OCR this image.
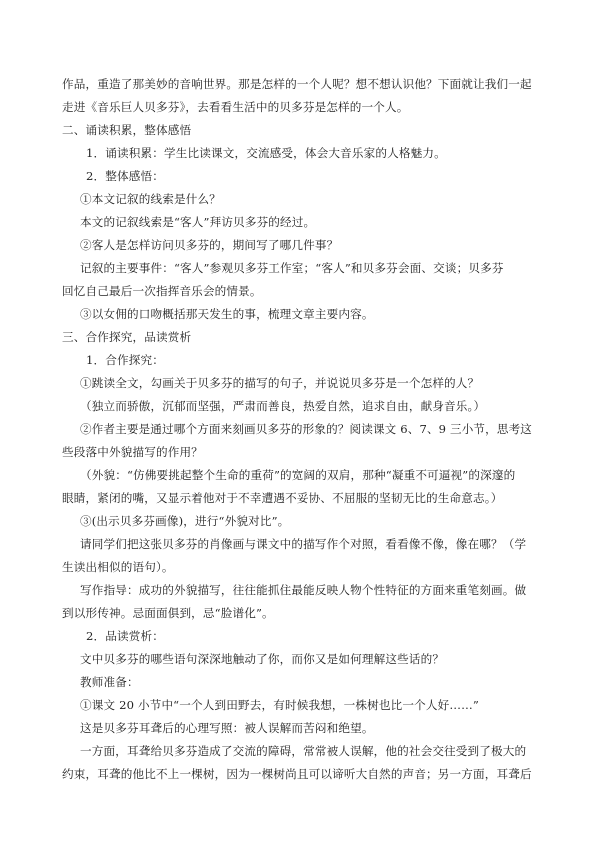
作品，重造了那美妙的音响世界。那是怎样的一个人呢？想不想认识他？下面就让我们一起
走进《音乐巨人贝多芬》，去看看生活中的贝多芬是怎样的一个人。
二、诵读积累，整体感悟
1．诵读积累：学生比读课文，交流感受，体会大音乐家的人格魅力。
2．整体感悟：
①本文记叙的线索是什么？
本文的记叙线索是“客人”拜访贝多芬的经过。
②客人是怎样访问贝多芬的，期间写了哪几件事？
记叙的主要事件：“客人”参观贝多芬工作室；“客人”和贝多芬会面、交谈；贝多芬
回忆自己最后一次指挥音乐会的情景。
③以女佣的口吻概括那天发生的事，梳理文章主要内容。
三、合作探究，品读赏析
1．合作探究：
①跳读全文，勾画关于贝多芬的描写的句子，并说说贝多芬是一个怎样的人？
（独立而骄傲，沉郁而坚强，严肃而善良，热爱自然，追求自由，献身音乐。）
②作者主要是通过哪个方面来刻画贝多芬的形象的？阅读课文 6、7、9 三小节，思考这
些段落中外貌描写的作用？
（外貌：“仿佛要挑起整个生命的重荷”的宽阔的双肩，那种“凝重不可逼视”的深邃的
眼睛，紧闭的嘴，又显示着他对于不幸遭遇不妥协、不屈服的坚韧无比的生命意志。）
③(出示贝多芬画像)，进行“外貌对比”。
请同学们把这张贝多芬的肖像画与课文中的描写作个对照，看看像不像，像在哪？（学
生读出相似的语句）。
写作指导：成功的外貌描写，往往能抓住最能反映人物个性特征的方面来重笔刻画。做
到以形传神。忌面面俱到，忌“脸谱化”。
2．品读赏析：
文中贝多芬的哪些语句深深地触动了你，而你又是如何理解这些话的？
教师准备：
①课文 20 小节中“一个人到田野去，有时候我想，一株树也比一个人好……”
这是贝多芬耳聋后的心理写照：被人误解而苦闷和绝望。
一方面，耳聋给贝多芬造成了交流的障碍，常常被人误解，他的社会交往受到了极大的
约束，耳聋的他比不上一棵树，因为一棵树尚且可以谛听大自然的声音；另一方面，耳聋后
